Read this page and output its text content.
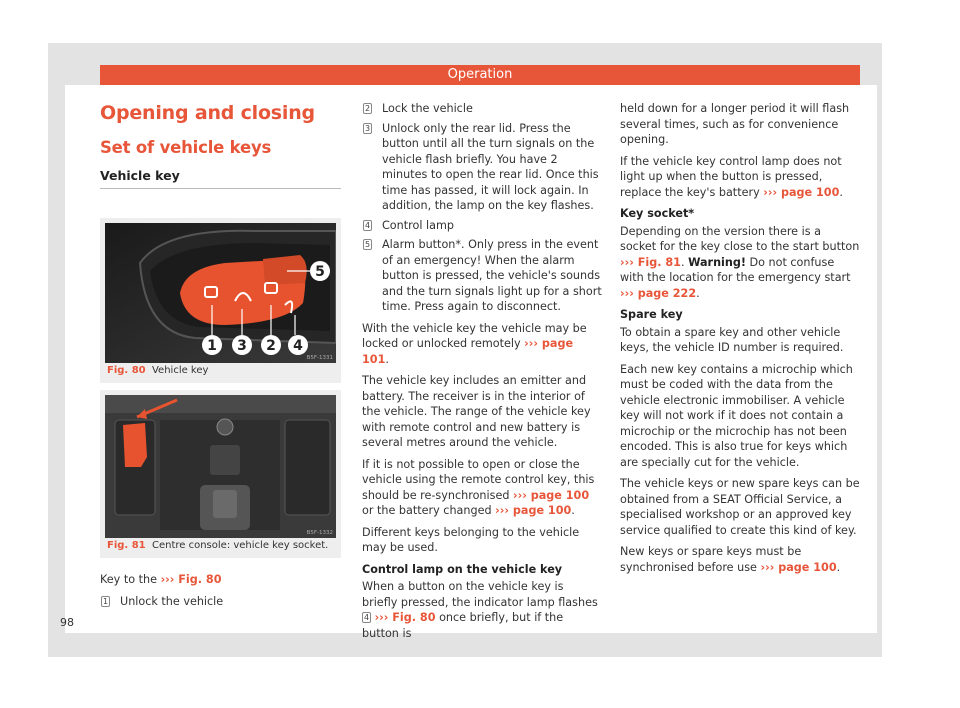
Operation
Opening and closing
Set of vehicle keys
Vehicle key
5
1 3 2 4
B5F-1331
Fig. 80 Vehicle key
B5F-1332
Fig. 81 Centre console: vehicle key socket.

Key to the ››› Fig. 80

1 Unlock the vehicle
2 Lock the vehicle
3 Unlock only the rear lid. Press the button until all the turn signals on the vehicle flash briefly. You have 2 minutes to open the rear lid. Once this time has passed, it will lock again. In addition, the lamp on the key flashes.
4 Control lamp
5 Alarm button*. Only press in the event of an emergency! When the alarm button is pressed, the vehicle's sounds and the turn signals light up for a short time. Press again to disconnect.

With the vehicle key the vehicle may be locked or unlocked remotely ››› page 101.

The vehicle key includes an emitter and battery. The receiver is in the interior of the vehicle. The range of the vehicle key with remote control and new battery is several metres around the vehicle.

If it is not possible to open or close the vehicle using the remote control key, this should be re-synchronised ››› page 100 or the battery changed ››› page 100.

Different keys belonging to the vehicle may be used.

Control lamp on the vehicle key

When a button on the vehicle key is briefly pressed, the indicator lamp flashes 4 ››› Fig. 80 once briefly, but if the button is

held down for a longer period it will flash several times, such as for convenience opening.

If the vehicle key control lamp does not light up when the button is pressed, replace the key's battery ››› page 100.

Key socket*

Depending on the version there is a socket for the key close to the start button ››› Fig. 81. Warning! Do not confuse with the location for the emergency start ››› page 222.

Spare key

To obtain a spare key and other vehicle keys, the vehicle ID number is required.

Each new key contains a microchip which must be coded with the data from the vehicle electronic immobiliser. A vehicle key will not work if it does not contain a microchip or the microchip has not been encoded. This is also true for keys which are specially cut for the vehicle.

The vehicle keys or new spare keys can be obtained from a SEAT Official Service, a specialised workshop or an approved key service qualified to create this kind of key.

New keys or spare keys must be synchronised before use ››› page 100.

98
